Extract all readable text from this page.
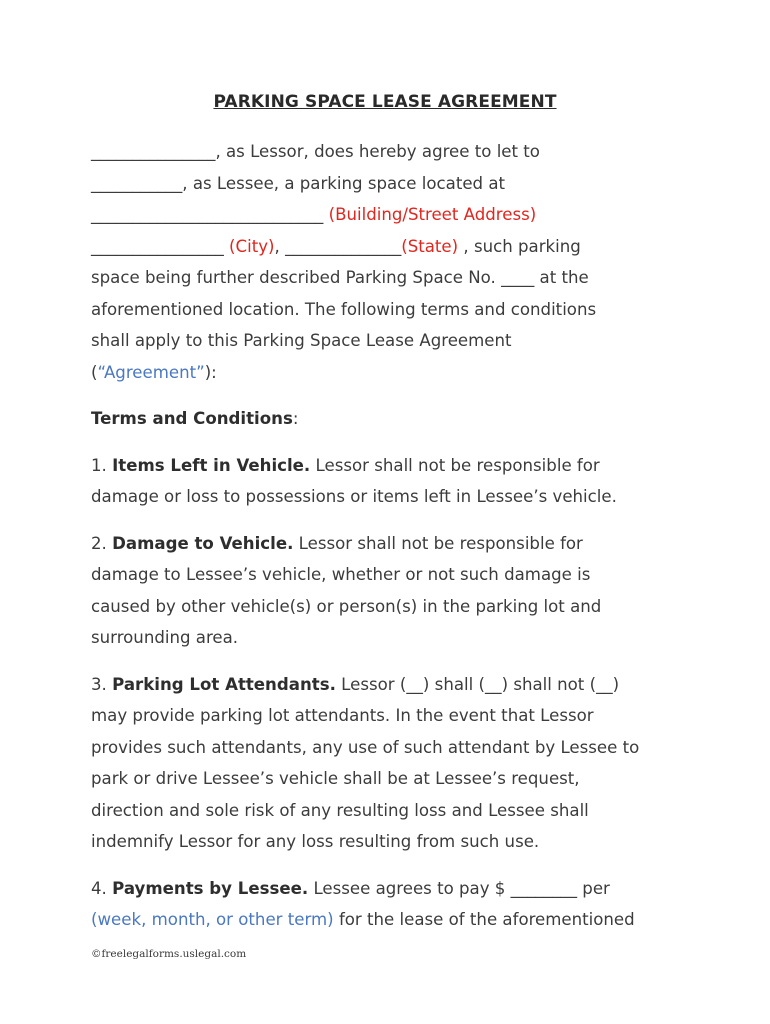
PARKING SPACE LEASE AGREEMENT
_______________, as Lessor, does hereby agree to let to
___________, as Lessee, a parking space located at
____________________________ (Building/Street Address)
________________ (City), ______________(State) , such parking
space being further described Parking Space No. ____ at the
aforementioned location. The following terms and conditions
shall apply to this Parking Space Lease Agreement
(“Agreement”):
Terms and Conditions:
1. Items Left in Vehicle. Lessor shall not be responsible for
damage or loss to possessions or items left in Lessee’s vehicle.
2. Damage to Vehicle. Lessor shall not be responsible for
damage to Lessee’s vehicle, whether or not such damage is
caused by other vehicle(s) or person(s) in the parking lot and
surrounding area.
3. Parking Lot Attendants. Lessor (__) shall (__) shall not (__)
may provide parking lot attendants. In the event that Lessor
provides such attendants, any use of such attendant by Lessee to
park or drive Lessee’s vehicle shall be at Lessee’s request,
direction and sole risk of any resulting loss and Lessee shall
indemnify Lessor for any loss resulting from such use.
4. Payments by Lessee. Lessee agrees to pay $ ________ per
(week, month, or other term) for the lease of the aforementioned
©freelegalforms.uslegal.com
